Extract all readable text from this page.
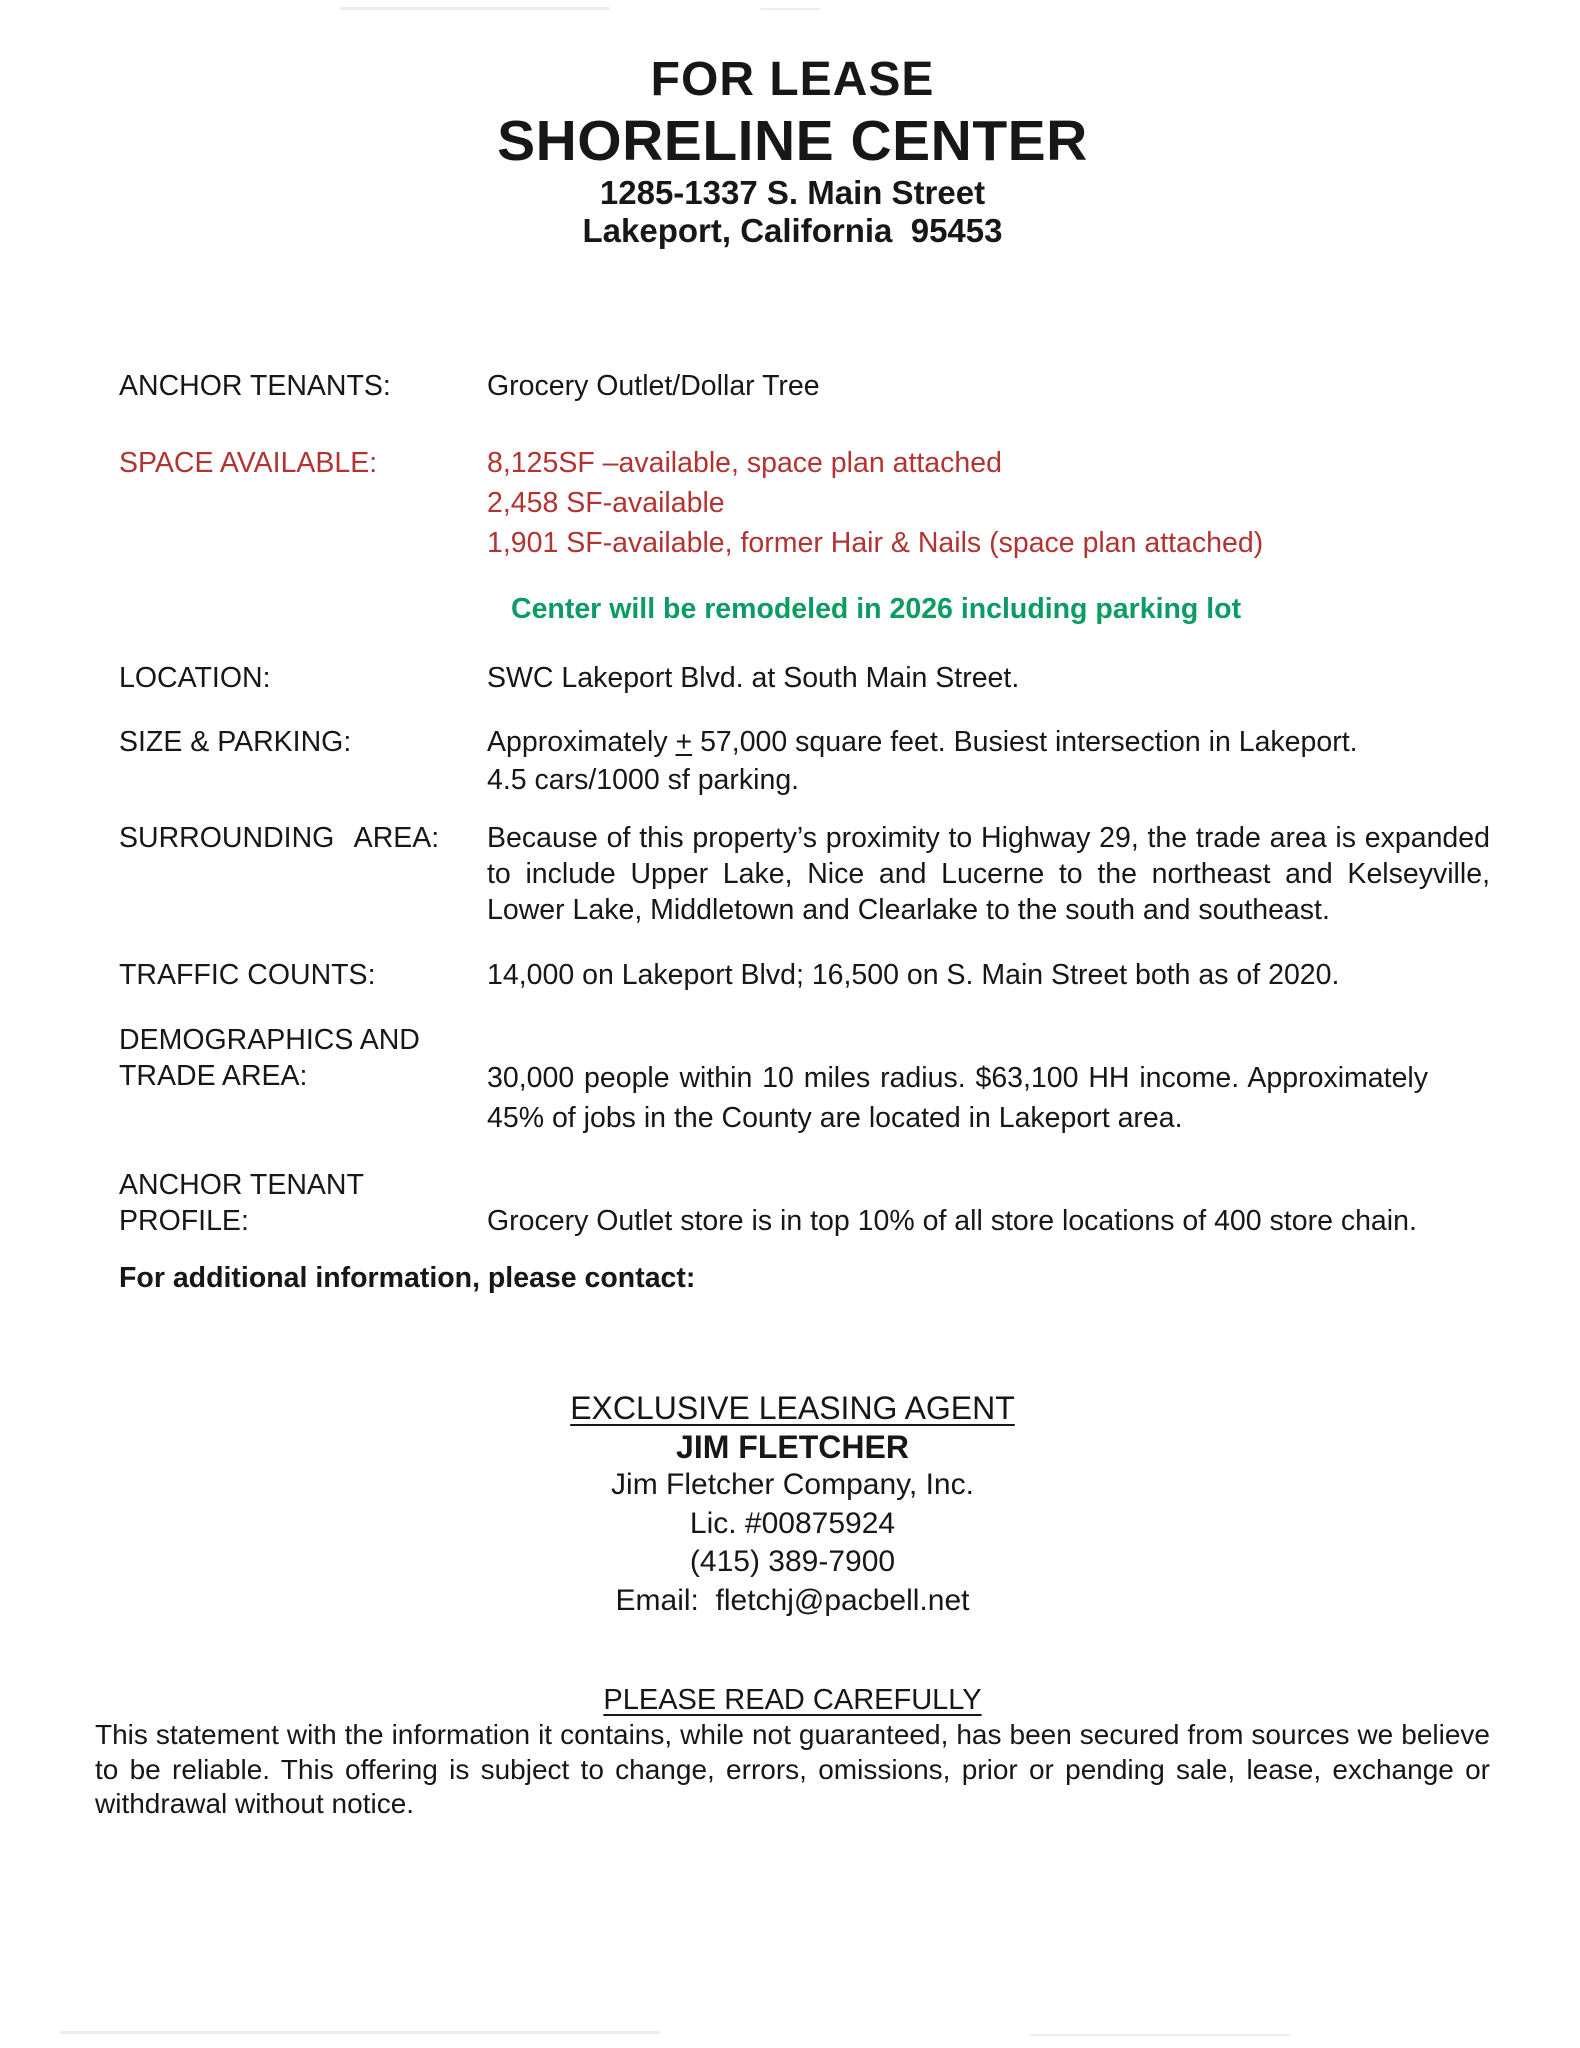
FOR LEASE
SHORELINE CENTER
1285-1337 S. Main Street
Lakeport, California  95453
ANCHOR TENANTS:	Grocery Outlet/Dollar Tree
SPACE AVAILABLE:	8,125SF –available, space plan attached
2,458 SF-available
1,901 SF-available, former Hair & Nails (space plan attached)
Center will be remodeled in 2026 including parking lot
LOCATION:	SWC Lakeport Blvd. at South Main Street.
SIZE & PARKING:	Approximately + 57,000 square feet. Busiest intersection in Lakeport.
4.5 cars/1000 sf parking.
SURROUNDING AREA:	Because of this property’s proximity to Highway 29, the trade area is expanded to include Upper Lake, Nice and Lucerne to the northeast and Kelseyville, Lower Lake, Middletown and Clearlake to the south and southeast.
TRAFFIC COUNTS:	14,000 on Lakeport Blvd; 16,500 on S. Main Street both as of 2020.
DEMOGRAPHICS AND
TRADE AREA:	30,000 people within 10 miles radius. $63,100 HH income. Approximately 45% of jobs in the County are located in Lakeport area.
ANCHOR TENANT
PROFILE:	Grocery Outlet store is in top 10% of all store locations of 400 store chain.
For additional information, please contact:
EXCLUSIVE LEASING AGENT
JIM FLETCHER
Jim Fletcher Company, Inc.
Lic. #00875924
(415) 389-7900
Email:  fletchj@pacbell.net
PLEASE READ CAREFULLY
This statement with the information it contains, while not guaranteed, has been secured from sources we believe to be reliable. This offering is subject to change, errors, omissions, prior or pending sale, lease, exchange or withdrawal without notice.
